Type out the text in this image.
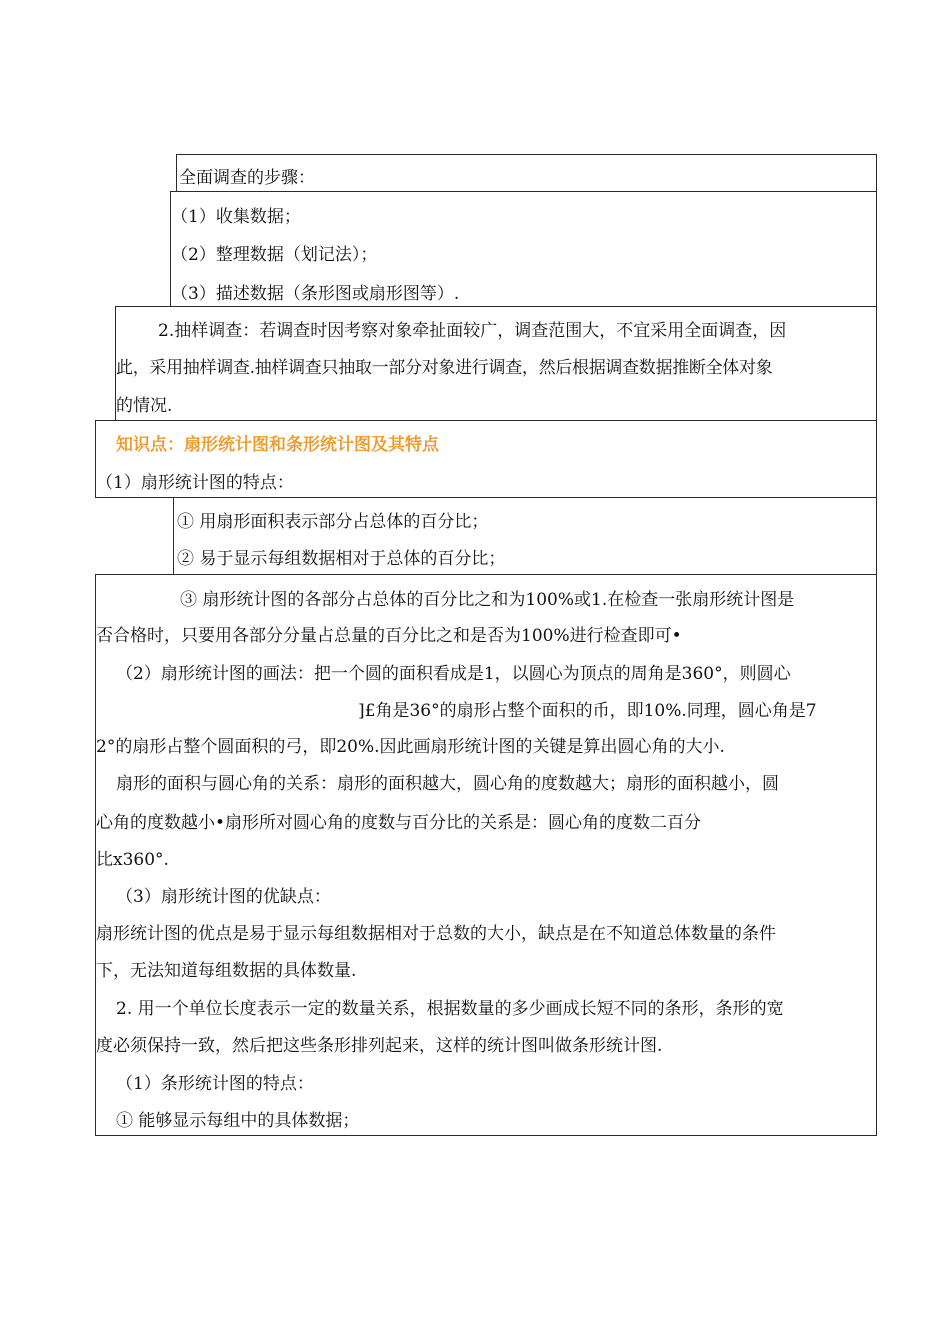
全面调查的步骤：
（1）收集数据；
（2）整理数据（划记法）；
（3）描述数据（条形图或扇形图等）.
2.抽样调查：若调查时因考察对象牵扯面较广，调查范围大，不宜采用全面调查，因
此，采用抽样调查.抽样调查只抽取一部分对象进行调查，然后根据调查数据推断全体对象
的情况.
知识点：扇形统计图和条形统计图及其特点
（1）扇形统计图的特点：
① 用扇形面积表示部分占总体的百分比；
② 易于显示每组数据相对于总体的百分比；
③ 扇形统计图的各部分占总体的百分比之和为100%或1.在检查一张扇形统计图是
否合格时，只要用各部分分量占总量的百分比之和是否为100%进行检查即可•
（2）扇形统计图的画法：把一个圆的面积看成是1，以圆心为顶点的周角是360°，则圆心
]£角是36°的扇形占整个面积的币，即10%.同理，圆心角是7
2°的扇形占整个圆面积的弓，即20%.因此画扇形统计图的关键是算出圆心角的大小.
扇形的面积与圆心角的关系：扇形的面积越大，圆心角的度数越大；扇形的面积越小，圆
心角的度数越小•扇形所对圆心角的度数与百分比的关系是：圆心角的度数二百分
比x360°.
（3）扇形统计图的优缺点：
扇形统计图的优点是易于显示每组数据相对于总数的大小，缺点是在不知道总体数量的条件
下，无法知道每组数据的具体数量.
2. 用一个单位长度表示一定的数量关系，根据数量的多少画成长短不同的条形，条形的宽
度必须保持一致，然后把这些条形排列起来，这样的统计图叫做条形统计图.
（1）条形统计图的特点：
① 能够显示每组中的具体数据；
